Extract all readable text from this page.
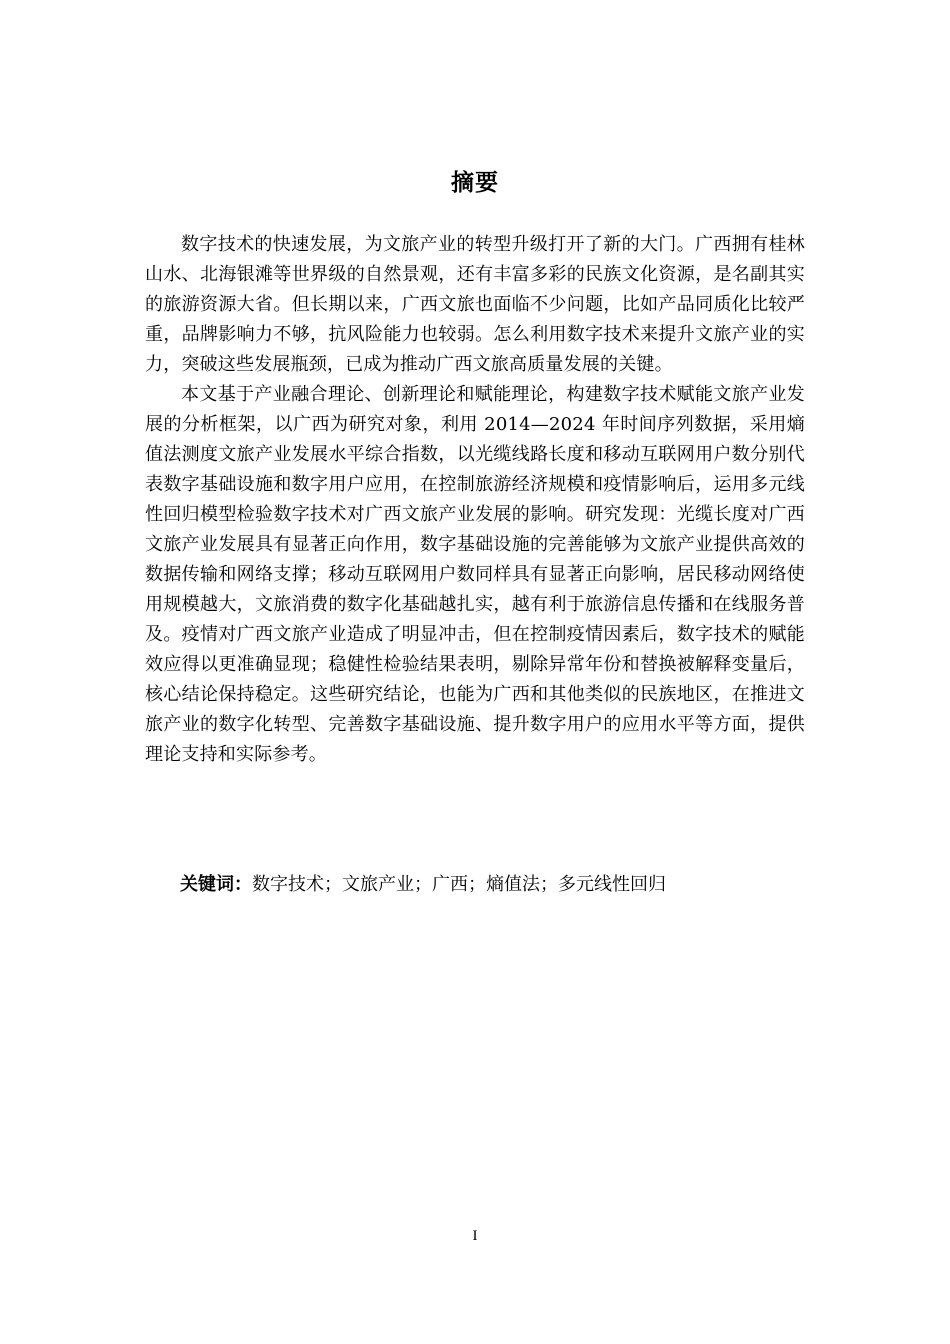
摘要

数字技术的快速发展，为文旅产业的转型升级打开了新的大门。广西拥有桂林山水、北海银滩等世界级的自然景观，还有丰富多彩的民族文化资源，是名副其实的旅游资源大省。但长期以来，广西文旅也面临不少问题，比如产品同质化比较严重，品牌影响力不够，抗风险能力也较弱。怎么利用数字技术来提升文旅产业的实力，突破这些发展瓶颈，已成为推动广西文旅高质量发展的关键。

本文基于产业融合理论、创新理论和赋能理论，构建数字技术赋能文旅产业发展的分析框架，以广西为研究对象，利用 2014—2024 年时间序列数据，采用熵值法测度文旅产业发展水平综合指数，以光缆线路长度和移动互联网用户数分别代表数字基础设施和数字用户应用，在控制旅游经济规模和疫情影响后，运用多元线性回归模型检验数字技术对广西文旅产业发展的影响。研究发现：光缆长度对广西文旅产业发展具有显著正向作用，数字基础设施的完善能够为文旅产业提供高效的数据传输和网络支撑；移动互联网用户数同样具有显著正向影响，居民移动网络使用规模越大，文旅消费的数字化基础越扎实，越有利于旅游信息传播和在线服务普及。疫情对广西文旅产业造成了明显冲击，但在控制疫情因素后，数字技术的赋能效应得以更准确显现；稳健性检验结果表明，剔除异常年份和替换被解释变量后，核心结论保持稳定。这些研究结论，也能为广西和其他类似的民族地区，在推进文旅产业的数字化转型、完善数字基础设施、提升数字用户的应用水平等方面，提供理论支持和实际参考。

关键词：数字技术；文旅产业；广西；熵值法；多元线性回归
I
